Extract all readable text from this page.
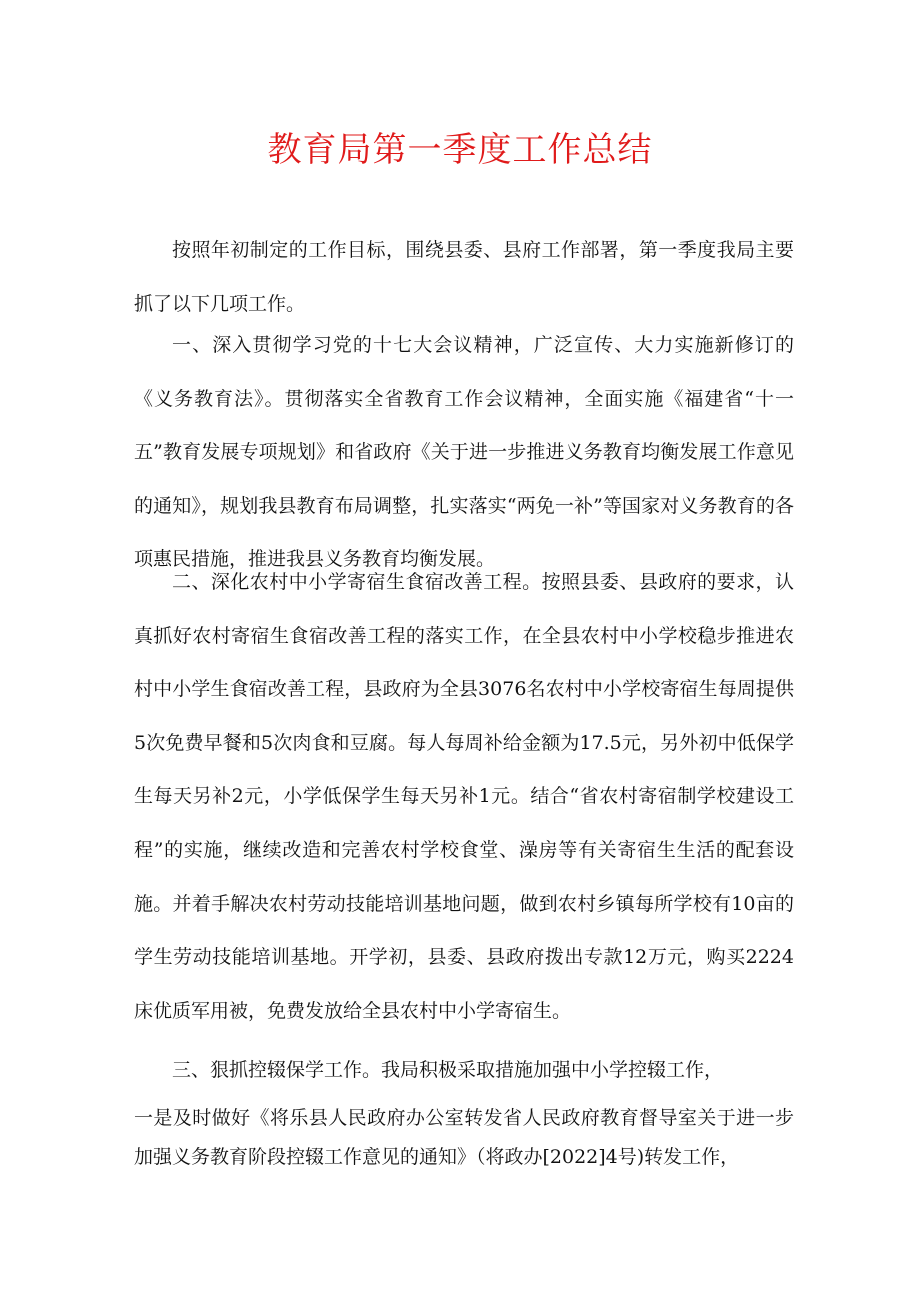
教育局第一季度工作总结

按照年初制定的工作目标，围绕县委、县府工作部署，第一季度我局主要抓了以下几项工作。

一、深入贯彻学习党的十七大会议精神，广泛宣传、大力实施新修订的《义务教育法》。贯彻落实全省教育工作会议精神，全面实施《福建省“十一五”教育发展专项规划》和省政府《关于进一步推进义务教育均衡发展工作意见的通知》，规划我县教育布局调整，扎实落实“两免一补”等国家对义务教育的各项惠民措施，推进我县义务教育均衡发展。

二、深化农村中小学寄宿生食宿改善工程。按照县委、县政府的要求，认真抓好农村寄宿生食宿改善工程的落实工作，在全县农村中小学校稳步推进农村中小学生食宿改善工程，县政府为全县3076名农村中小学校寄宿生每周提供5次免费早餐和5次肉食和豆腐。每人每周补给金额为17.5元，另外初中低保学生每天另补2元，小学低保学生每天另补1元。结合“省农村寄宿制学校建设工程”的实施，继续改造和完善农村学校食堂、澡房等有关寄宿生生活的配套设施。并着手解决农村劳动技能培训基地问题，做到农村乡镇每所学校有10亩的学生劳动技能培训基地。开学初，县委、县政府拨出专款12万元，购买2224床优质军用被，免费发放给全县农村中小学寄宿生。

三、狠抓控辍保学工作。我局积极采取措施加强中小学控辍工作，

一是及时做好《将乐县人民政府办公室转发省人民政府教育督导室关于进一步加强义务教育阶段控辍工作意见的通知》（将政办[2022]4号)转发工作，
